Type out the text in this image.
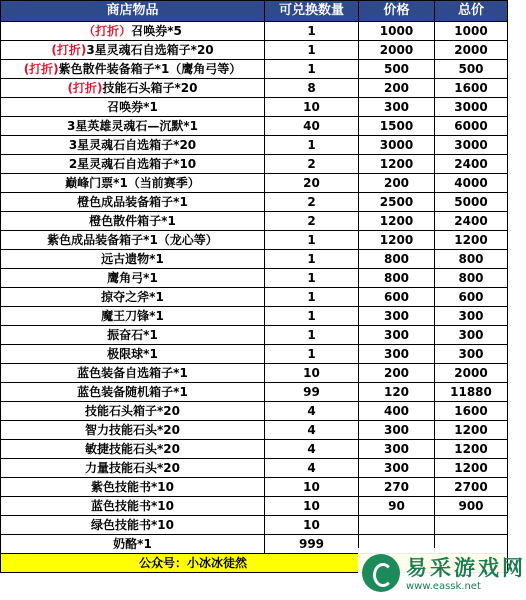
商店物品	可兑换数量	价格	总价
（打折）召唤券*5	1	1000	1000
(打折)3星灵魂石自选箱子*20	1	2000	2000
(打折)紫色散件装备箱子*1（鹰角弓等）	1	500	500
(打折)技能石头箱子*20	8	200	1600
召唤券*1	10	300	3000
3星英雄灵魂石—沉默*1	40	1500	6000
3星灵魂石自选箱子*20	1	3000	3000
2星灵魂石自选箱子*10	2	1200	2400
巅峰门票*1（当前赛季）	20	200	4000
橙色成品装备箱子*1	2	2500	5000
橙色散件箱子*1	2	1200	2400
紫色成品装备箱子*1（龙心等）	1	1200	1200
远古遗物*1	1	800	800
鹰角弓*1	1	800	800
掠夺之斧*1	1	600	600
魔王刀锋*1	1	300	300
振奋石*1	1	300	300
极限球*1	1	300	300
蓝色装备自选箱子*1	10	200	2000
蓝色装备随机箱子*1	99	120	11880
技能石头箱子*20	4	400	1600
智力技能石头*20	4	300	1200
敏捷技能石头*20	4	300	1200
力量技能石头*20	4	300	1200
紫色技能书*10	10	270	2700
蓝色技能书*10	10	90	900
绿色技能书*10	10		
奶酪*1	999		
公众号：小冰冰徒然				易采游戏网
www.eassk.net
